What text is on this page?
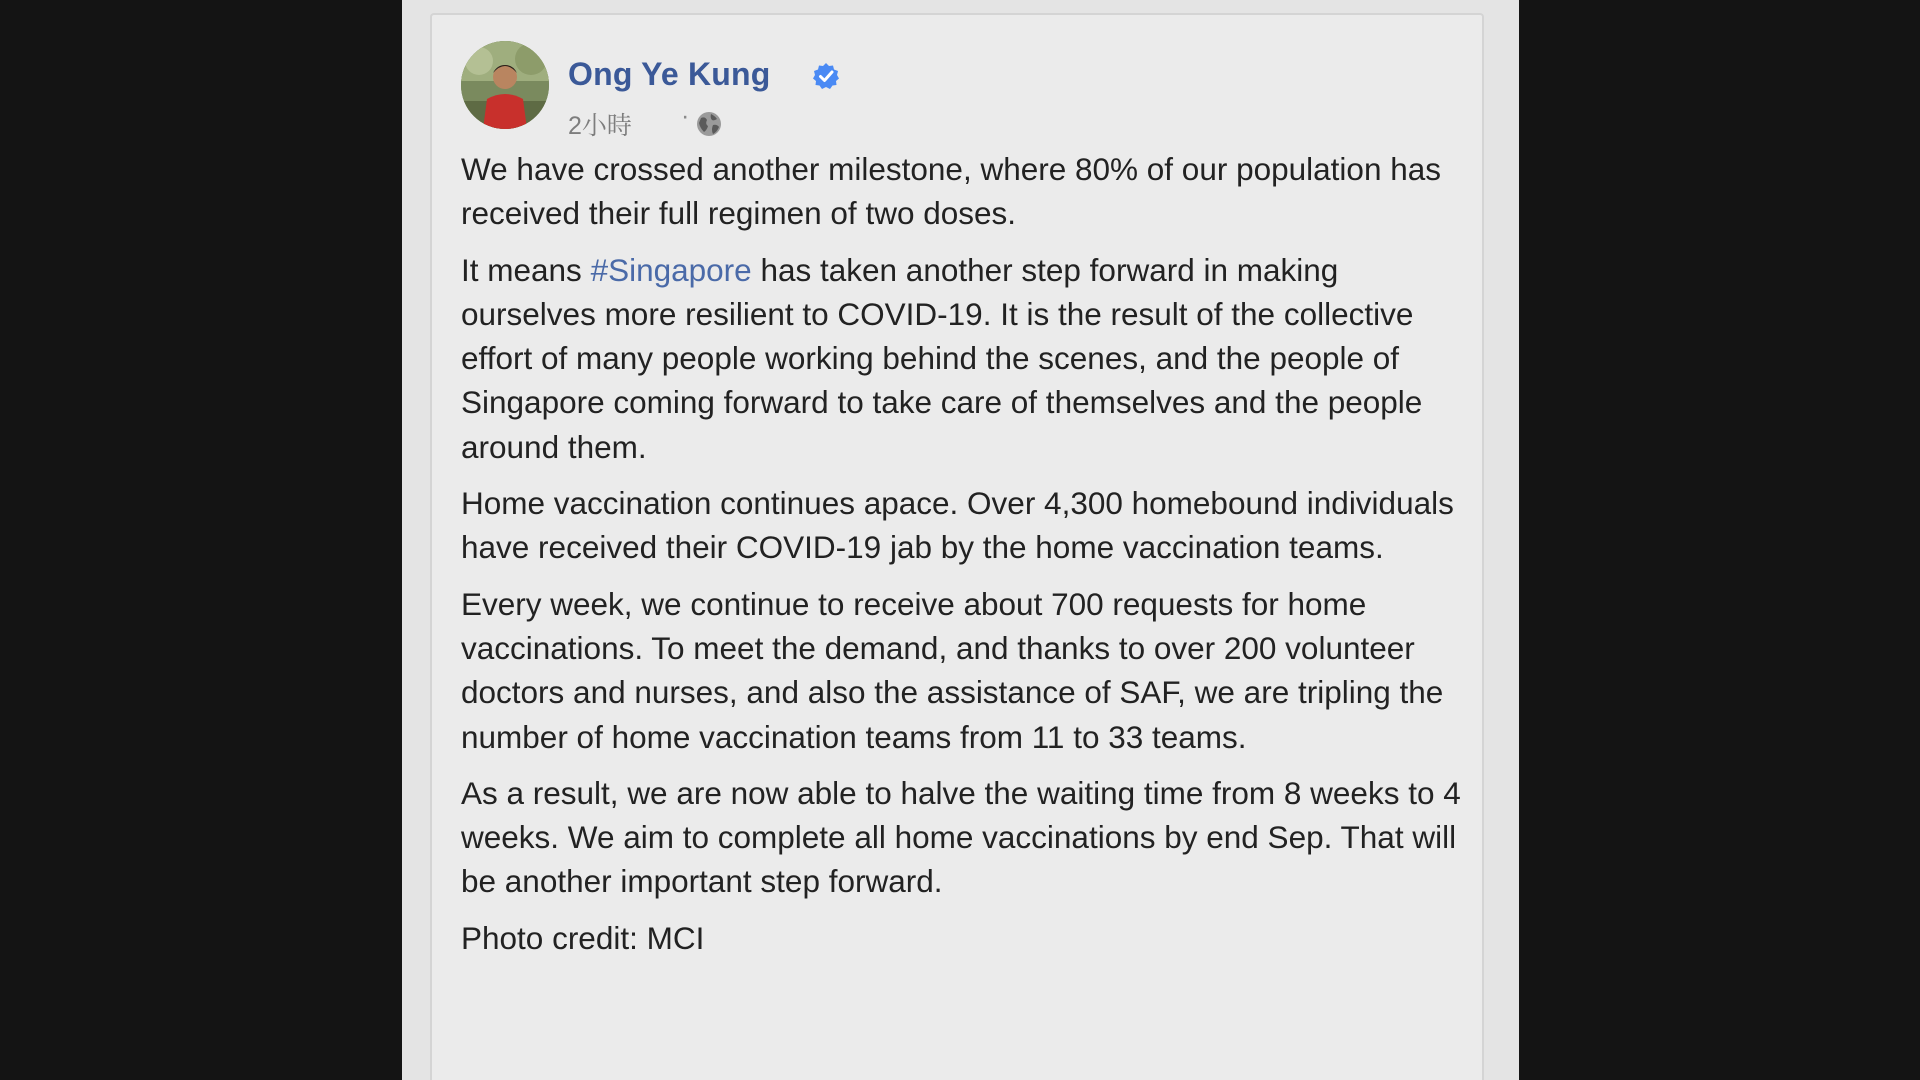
Ong Ye Kung
2小時 ·

We have crossed another milestone, where 80% of our population has received their full regimen of two doses.

It means #Singapore has taken another step forward in making ourselves more resilient to COVID-19. It is the result of the collective effort of many people working behind the scenes, and the people of Singapore coming forward to take care of themselves and the people around them.

Home vaccination continues apace. Over 4,300 homebound individuals have received their COVID-19 jab by the home vaccination teams.

Every week, we continue to receive about 700 requests for home vaccinations. To meet the demand, and thanks to over 200 volunteer doctors and nurses, and also the assistance of SAF, we are tripling the number of home vaccination teams from 11 to 33 teams.

As a result, we are now able to halve the waiting time from 8 weeks to 4 weeks. We aim to complete all home vaccinations by end Sep. That will be another important step forward.

Photo credit: MCI
